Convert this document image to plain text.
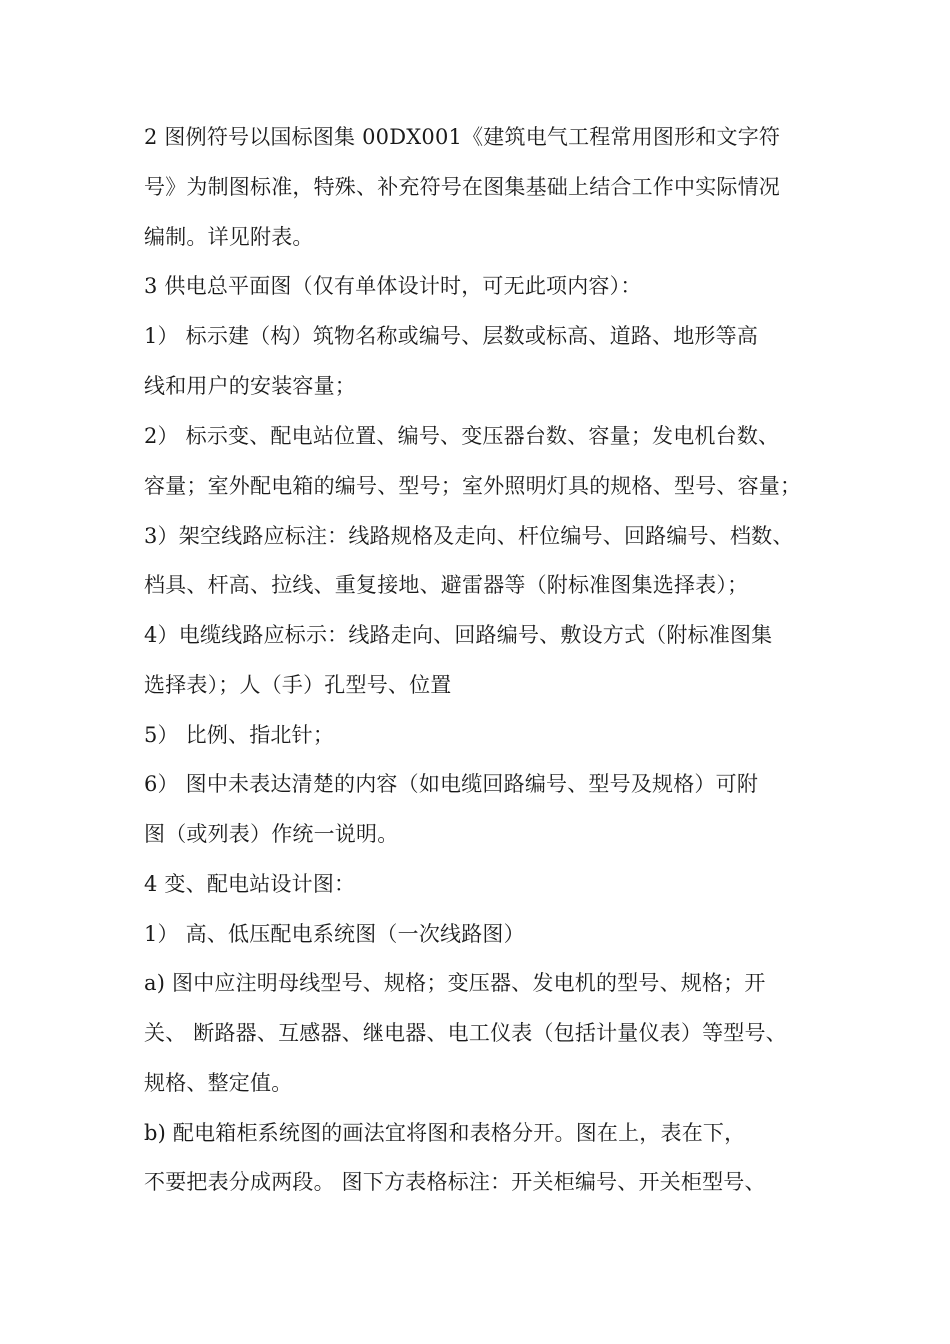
2 图例符号以国标图集 00DX001《建筑电气工程常用图形和文字符
号》为制图标准，特殊、补充符号在图集基础上结合工作中实际情况
编制。详见附表。
3 供电总平面图（仅有单体设计时，可无此项内容）：
1） 标示建（构）筑物名称或编号、层数或标高、道路、地形等高
线和用户的安装容量；
2） 标示变、配电站位置、编号、变压器台数、容量；发电机台数、
容量；室外配电箱的编号、型号；室外照明灯具的规格、型号、容量；
3）架空线路应标注：线路规格及走向、杆位编号、回路编号、档数、
档具、杆高、拉线、重复接地、避雷器等（附标准图集选择表）；
4）电缆线路应标示：线路走向、回路编号、敷设方式（附标准图集
选择表）；人（手）孔型号、位置
5） 比例、指北针；
6） 图中未表达清楚的内容（如电缆回路编号、型号及规格）可附
图（或列表）作统一说明。
4 变、配电站设计图：
1） 高、低压配电系统图（一次线路图）
a) 图中应注明母线型号、规格；变压器、发电机的型号、规格；开
关、 断路器、互感器、继电器、电工仪表（包括计量仪表）等型号、
规格、整定值。
b) 配电箱柜系统图的画法宜将图和表格分开。图在上，表在下，
不要把表分成两段。 图下方表格标注：开关柜编号、开关柜型号、
